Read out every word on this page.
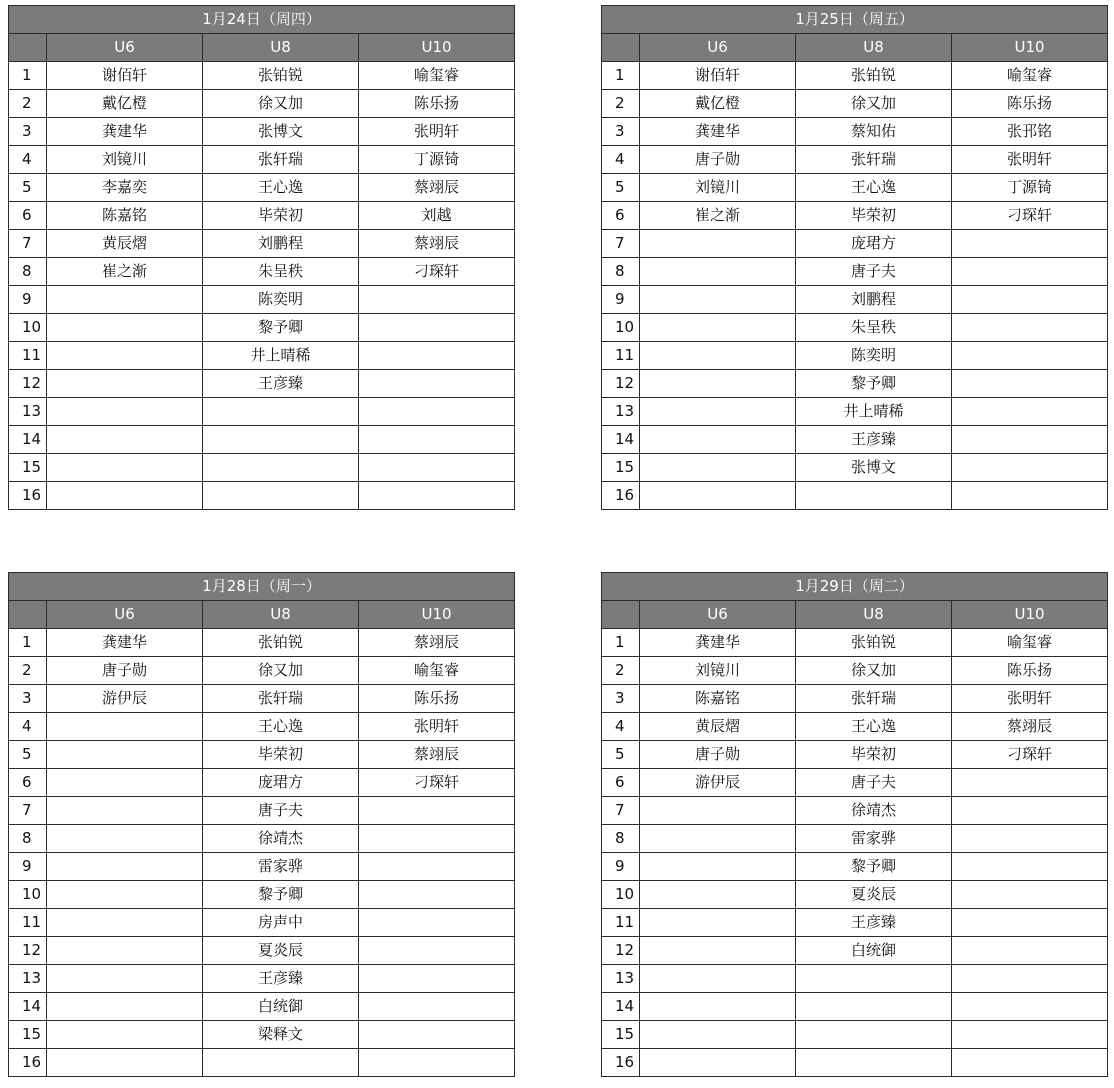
1月24日（周四）			
	U6	U8	U10
1	谢佰轩	张铂锐	喻玺睿
2	戴亿橙	徐又加	陈乐扬
3	龚建华	张博文	张明轩
4	刘镜川	张轩瑞	丁源锜
5	李嘉奕	王心逸	蔡翊辰
6	陈嘉铭	毕荣初	刘越
7	黄辰熠	刘鹏程	蔡翊辰
8	崔之渐	朱呈秩	刁琛轩
9		陈奕明	
10		黎予卿	
11		井上晴稀	
12		王彦臻	
13			
14			
15			
16			
1月25日（周五）			
	U6	U8	U10
1	谢佰轩	张铂锐	喻玺睿
2	戴亿橙	徐又加	陈乐扬
3	龚建华	蔡知佑	张邘铭
4	唐子勋	张轩瑞	张明轩
5	刘镜川	王心逸	丁源锜
6	崔之渐	毕荣初	刁琛轩
7		庞珺方	
8		唐子夫	
9		刘鹏程	
10		朱呈秩	
11		陈奕明	
12		黎予卿	
13		井上晴稀	
14		王彦臻	
15		张博文	
16			
1月28日（周一）			
	U6	U8	U10
1	龚建华	张铂锐	蔡翊辰
2	唐子勋	徐又加	喻玺睿
3	游伊辰	张轩瑞	陈乐扬
4		王心逸	张明轩
5		毕荣初	蔡翊辰
6		庞珺方	刁琛轩
7		唐子夫	
8		徐靖杰	
9		雷家骅	
10		黎予卿	
11		房声中	
12		夏炎辰	
13		王彦臻	
14		白统御	
15		梁释文	
16			
1月29日（周二）			
	U6	U8	U10
1	龚建华	张铂锐	喻玺睿
2	刘镜川	徐又加	陈乐扬
3	陈嘉铭	张轩瑞	张明轩
4	黄辰熠	王心逸	蔡翊辰
5	唐子勋	毕荣初	刁琛轩
6	游伊辰	唐子夫	
7		徐靖杰	
8		雷家骅	
9		黎予卿	
10		夏炎辰	
11		王彦臻	
12		白统御	
13			
14			
15			
16			
